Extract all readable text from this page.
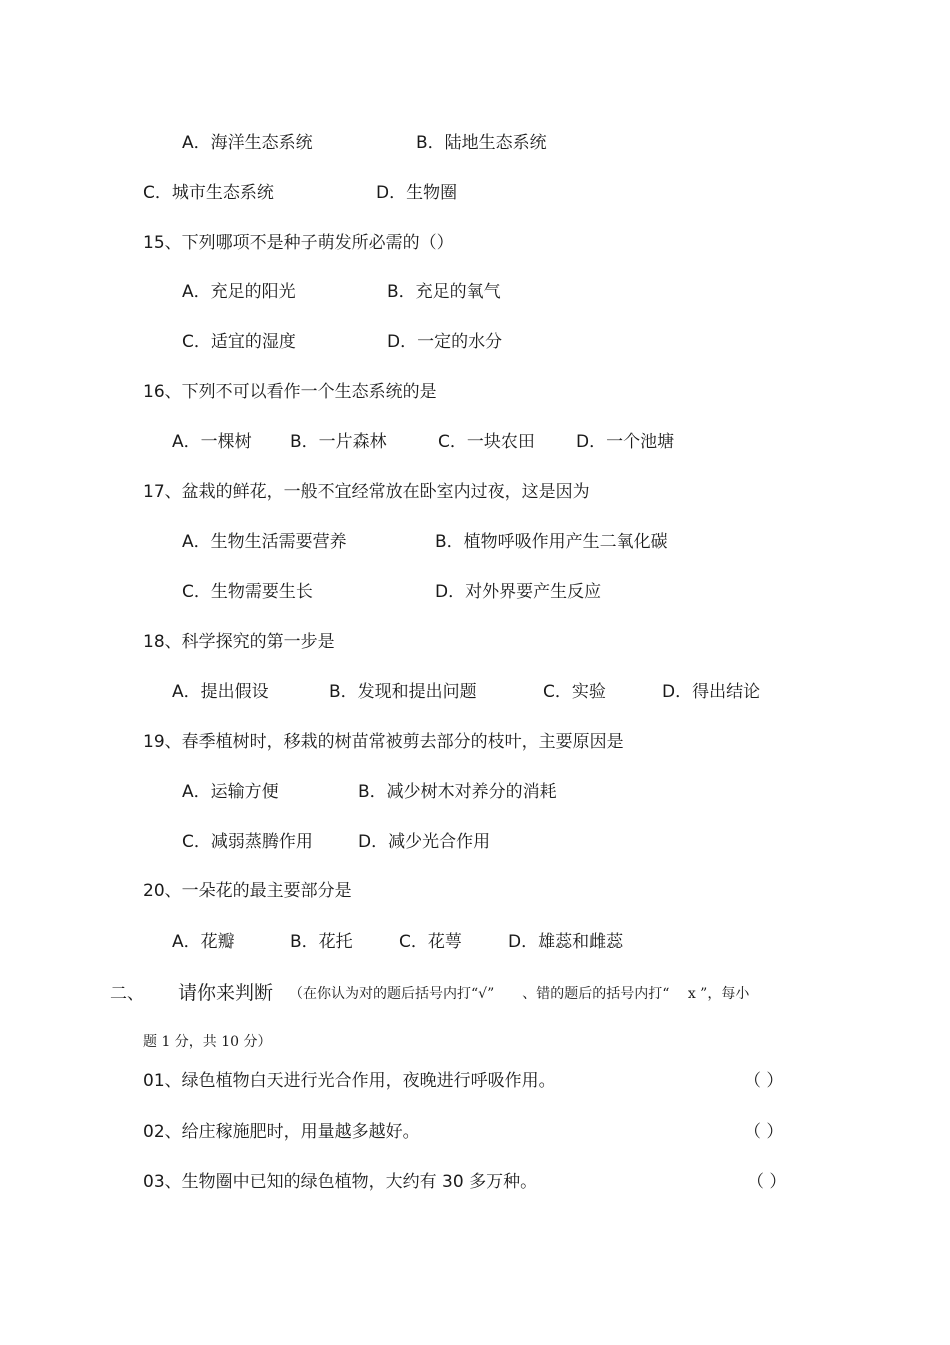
A．海洋生态系统	B．陆地生态系统
C．城市生态系统	D．生物圈
15、下列哪项不是种子萌发所必需的（）
A．充足的阳光	B．充足的氧气
C．适宜的湿度	D．一定的水分
16、下列不可以看作一个生态系统的是
A．一棵树 B．一片森林	C．一块农田 D．一个池塘
17、盆栽的鲜花，一般不宜经常放在卧室内过夜，这是因为
A．生物生活需要营养	B．植物呼吸作用产生二氧化碳
C．生物需要生长	D．对外界要产生反应
18、科学探究的第一步是
A．提出假设	B．发现和提出问题	C．实验	D．得出结论
19、春季植树时，移栽的树苗常被剪去部分的枝叶，主要原因是
A．运输方便	B．减少树木对养分的消耗
C．减弱蒸腾作用	D．减少光合作用
20、一朵花的最主要部分是
A．花瓣	B．花托	C．花萼	D．雄蕊和雌蕊
二、 请你来判断 （在你认为对的题后括号内打“√”　　、错的题后的括号内打“　 x ”，每小
题 1 分，共 10 分）
01、绿色植物白天进行光合作用，夜晚进行呼吸作用。	（ ）
02、给庄稼施肥时，用量越多越好。	（ ）
03、生物圈中已知的绿色植物，大约有 30 多万种。	（ ）
